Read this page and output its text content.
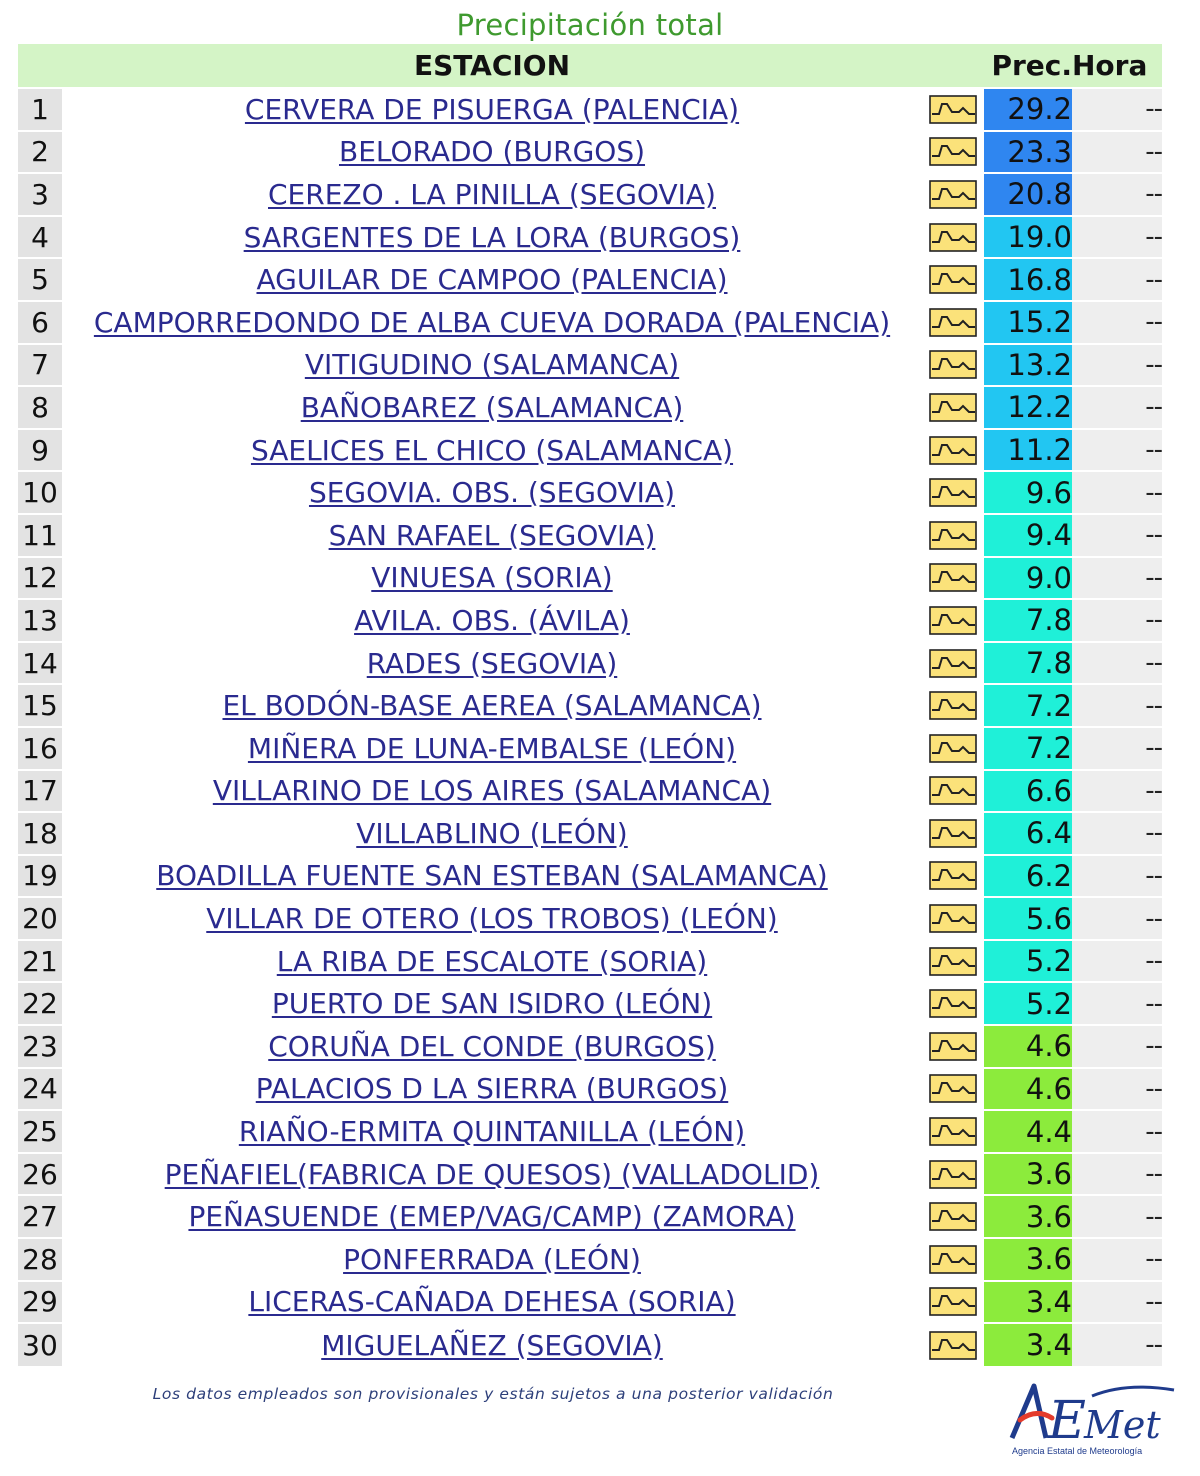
Precipitación total
	ESTACION		Prec.	Hora
1	CERVERA DE PISUERGA (PALENCIA)		29.2	--
2	BELORADO (BURGOS)		23.3	--
3	CEREZO . LA PINILLA (SEGOVIA)		20.8	--
4	SARGENTES DE LA LORA (BURGOS)		19.0	--
5	AGUILAR DE CAMPOO (PALENCIA)		16.8	--
6	CAMPORREDONDO DE ALBA CUEVA DORADA (PALENCIA)		15.2	--
7	VITIGUDINO (SALAMANCA)		13.2	--
8	BAÑOBAREZ (SALAMANCA)		12.2	--
9	SAELICES EL CHICO (SALAMANCA)		11.2	--
10	SEGOVIA. OBS. (SEGOVIA)		9.6	--
11	SAN RAFAEL (SEGOVIA)		9.4	--
12	VINUESA (SORIA)		9.0	--
13	AVILA. OBS. (ÁVILA)		7.8	--
14	RADES (SEGOVIA)		7.8	--
15	EL BODÓN-BASE AEREA (SALAMANCA)		7.2	--
16	MIÑERA DE LUNA-EMBALSE (LEÓN)		7.2	--
17	VILLARINO DE LOS AIRES (SALAMANCA)		6.6	--
18	VILLABLINO (LEÓN)		6.4	--
19	BOADILLA FUENTE SAN ESTEBAN (SALAMANCA)		6.2	--
20	VILLAR DE OTERO (LOS TROBOS) (LEÓN)		5.6	--
21	LA RIBA DE ESCALOTE (SORIA)		5.2	--
22	PUERTO DE SAN ISIDRO (LEÓN)		5.2	--
23	CORUÑA DEL CONDE (BURGOS)		4.6	--
24	PALACIOS D LA SIERRA (BURGOS)		4.6	--
25	RIAÑO-ERMITA QUINTANILLA (LEÓN)		4.4	--
26	PEÑAFIEL(FABRICA DE QUESOS) (VALLADOLID)		3.6	--
27	PEÑASUENDE (EMEP/VAG/CAMP) (ZAMORA)		3.6	--
28	PONFERRADA (LEÓN)		3.6	--
29	LICERAS-CAÑADA DEHESA (SORIA)		3.4	--
30	MIGUELAÑEZ (SEGOVIA)		3.4	--
Los datos empleados son provisionales y están sujetos a una posterior validación	E
Met
Agencia Estatal de Meteorología
